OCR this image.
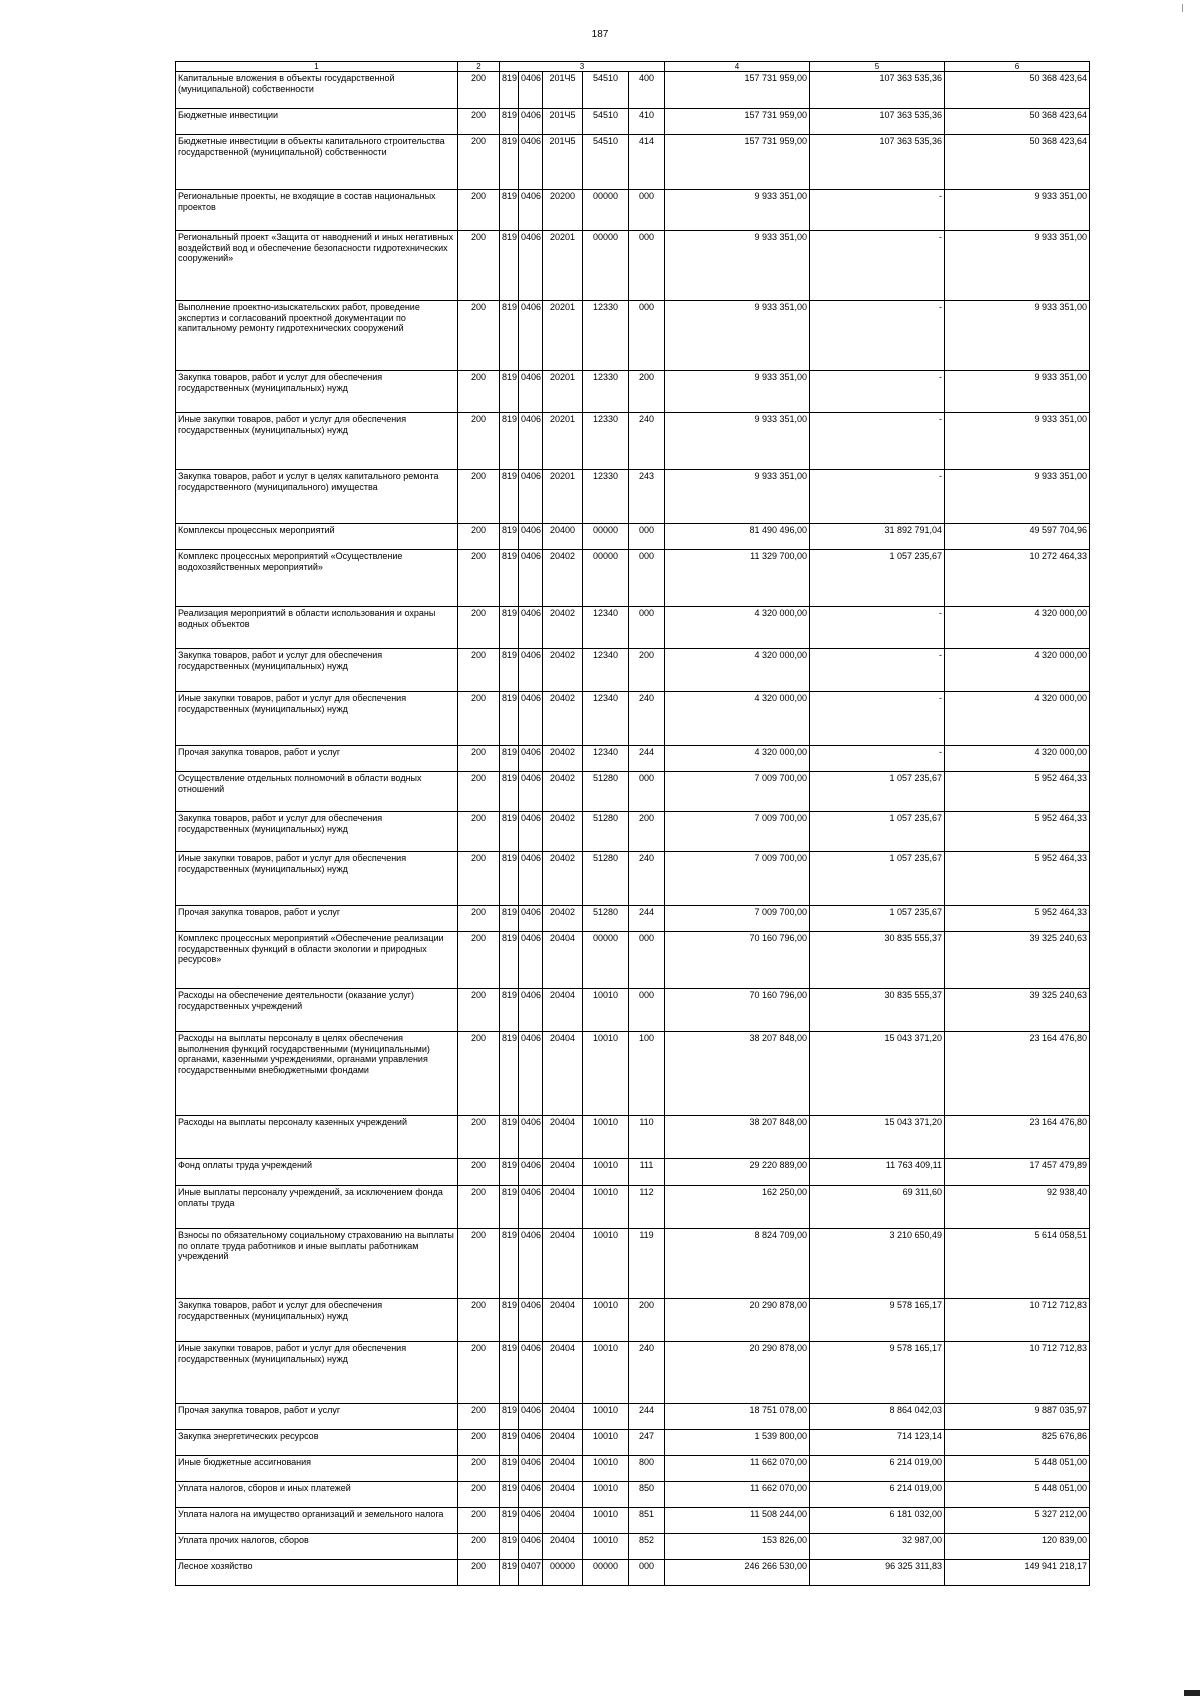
187
1	2	3					4	5	6
Капитальные вложения в объекты государственной (муниципальной) собственности	200	819	0406	201Ч5	54510	400	157 731 959,00	107 363 535,36	50 368 423,64
Бюджетные инвестиции	200	819	0406	201Ч5	54510	410	157 731 959,00	107 363 535,36	50 368 423,64
Бюджетные инвестиции в объекты капитального строительства государственной (муниципальной) собственности	200	819	0406	201Ч5	54510	414	157 731 959,00	107 363 535,36	50 368 423,64
Региональные проекты, не входящие в состав национальных проектов	200	819	0406	20200	00000	000	9 933 351,00	-	9 933 351,00
Региональный проект «Защита от наводнений и иных негативных воздействий вод и обеспечение безопасности гидротехнических сооружений»	200	819	0406	20201	00000	000	9 933 351,00	-	9 933 351,00
Выполнение проектно-изыскательских работ, проведение экспертиз и согласований проектной документации по капитальному ремонту гидротехнических сооружений	200	819	0406	20201	12330	000	9 933 351,00	-	9 933 351,00
Закупка товаров, работ и услуг для обеспечения государственных (муниципальных) нужд	200	819	0406	20201	12330	200	9 933 351,00	-	9 933 351,00
Иные закупки товаров, работ и услуг для обеспечения государственных (муниципальных) нужд	200	819	0406	20201	12330	240	9 933 351,00	-	9 933 351,00
Закупка товаров, работ и услуг в целях капитального ремонта государственного (муниципального) имущества	200	819	0406	20201	12330	243	9 933 351,00	-	9 933 351,00
Комплексы процессных мероприятий	200	819	0406	20400	00000	000	81 490 496,00	31 892 791,04	49 597 704,96
Комплекс процессных мероприятий «Осуществление водохозяйственных мероприятий»	200	819	0406	20402	00000	000	11 329 700,00	1 057 235,67	10 272 464,33
Реализация мероприятий в области использования и охраны водных объектов	200	819	0406	20402	12340	000	4 320 000,00	-	4 320 000,00
Закупка товаров, работ и услуг для обеспечения государственных (муниципальных) нужд	200	819	0406	20402	12340	200	4 320 000,00	-	4 320 000,00
Иные закупки товаров, работ и услуг для обеспечения государственных (муниципальных) нужд	200	819	0406	20402	12340	240	4 320 000,00	-	4 320 000,00
Прочая закупка товаров, работ и услуг	200	819	0406	20402	12340	244	4 320 000,00	-	4 320 000,00
Осуществление отдельных полномочий в области водных отношений	200	819	0406	20402	51280	000	7 009 700,00	1 057 235,67	5 952 464,33
Закупка товаров, работ и услуг для обеспечения государственных (муниципальных) нужд	200	819	0406	20402	51280	200	7 009 700,00	1 057 235,67	5 952 464,33
Иные закупки товаров, работ и услуг для обеспечения государственных (муниципальных) нужд	200	819	0406	20402	51280	240	7 009 700,00	1 057 235,67	5 952 464,33
Прочая закупка товаров, работ и услуг	200	819	0406	20402	51280	244	7 009 700,00	1 057 235,67	5 952 464,33
Комплекс процессных мероприятий «Обеспечение реализации государственных функций в области экологии и природных ресурсов»	200	819	0406	20404	00000	000	70 160 796,00	30 835 555,37	39 325 240,63
Расходы на обеспечение деятельности (оказание услуг) государственных учреждений	200	819	0406	20404	10010	000	70 160 796,00	30 835 555,37	39 325 240,63
Расходы на выплаты персоналу в целях обеспечения выполнения функций государственными (муниципальными) органами, казенными учреждениями, органами управления государственными внебюджетными фондами	200	819	0406	20404	10010	100	38 207 848,00	15 043 371,20	23 164 476,80
Расходы на выплаты персоналу казенных учреждений	200	819	0406	20404	10010	110	38 207 848,00	15 043 371,20	23 164 476,80
Фонд оплаты труда учреждений	200	819	0406	20404	10010	111	29 220 889,00	11 763 409,11	17 457 479,89
Иные выплаты персоналу учреждений, за исключением фонда оплаты труда	200	819	0406	20404	10010	112	162 250,00	69 311,60	92 938,40
Взносы по обязательному социальному страхованию на выплаты по оплате труда работников и иные выплаты работникам учреждений	200	819	0406	20404	10010	119	8 824 709,00	3 210 650,49	5 614 058,51
Закупка товаров, работ и услуг для обеспечения государственных (муниципальных) нужд	200	819	0406	20404	10010	200	20 290 878,00	9 578 165,17	10 712 712,83
Иные закупки товаров, работ и услуг для обеспечения государственных (муниципальных) нужд	200	819	0406	20404	10010	240	20 290 878,00	9 578 165,17	10 712 712,83
Прочая закупка товаров, работ и услуг	200	819	0406	20404	10010	244	18 751 078,00	8 864 042,03	9 887 035,97
Закупка энергетических ресурсов	200	819	0406	20404	10010	247	1 539 800,00	714 123,14	825 676,86
Иные бюджетные ассигнования	200	819	0406	20404	10010	800	11 662 070,00	6 214 019,00	5 448 051,00
Уплата налогов, сборов и иных платежей	200	819	0406	20404	10010	850	11 662 070,00	6 214 019,00	5 448 051,00
Уплата налога на имущество организаций и земельного налога	200	819	0406	20404	10010	851	11 508 244,00	6 181 032,00	5 327 212,00
Уплата прочих налогов, сборов	200	819	0406	20404	10010	852	153 826,00	32 987,00	120 839,00
Лесное хозяйство	200	819	0407	00000	00000	000	246 266 530,00	96 325 311,83	149 941 218,17
